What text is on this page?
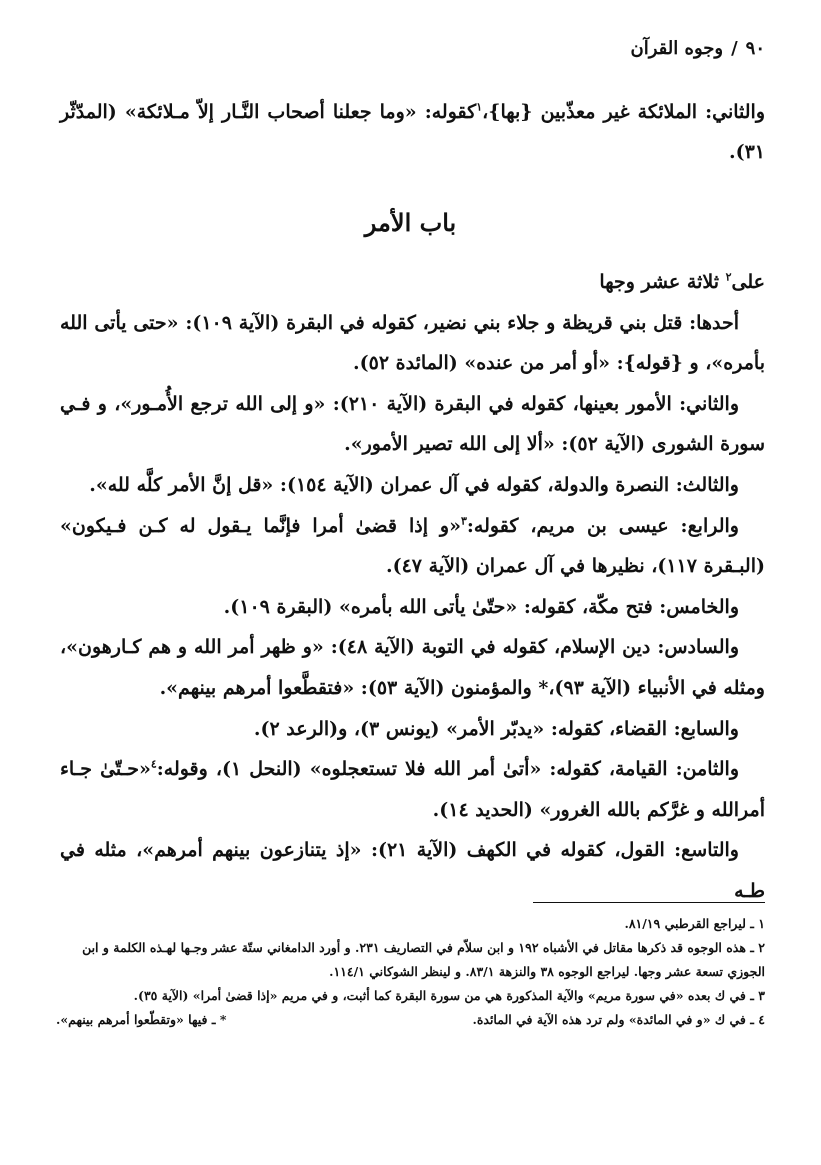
٩٠/وجوه القرآن

والثاني: الملائكة غير معذّبين {بها}،$^١$كقوله: «وما جعلنا أصحاب النَّـار إلاّ مـلائكة» (المدّثّر ٣١).

باب الأمر

على$^٢$ ثلاثة عشر وجها

أحدها: قتل بني قريظة و جلاء بني نضير، كقوله في البقرة (الآية ١٠٩): «حتى يأتى الله بأمره»، و {قوله}: «أو أمر من عنده» (المائدة ٥٢).

والثاني: الأمور بعينها، كقوله في البقرة (الآية ٢١٠): «و إلى الله ترجع الأُمـور»، و فـي سورة الشورى (الآية ٥٢): «ألا إلى الله تصير الأمور».

والثالث: النصرة والدولة، كقوله في آل عمران (الآية ١٥٤): «قل إنَّ الأمر كلَّه لله».

والرابع: عيسى بن مريم، كقوله:$^٣$«و إذا قضىٰ أمرا فإنَّما يـقول له كـن فـيكون» (البـقرة ١١٧)، نظيرها في آل عمران (الآية ٤٧).

والخامس: فتح مكّة، كقوله: «حتّىٰ يأتى الله بأمره» (البقرة ١٠٩).

والسادس: دين الإسلام، كقوله في التوبة (الآية ٤٨): «و ظهر أمر الله و هم كـارهون»، ومثله في الأنبياء (الآية ٩٣)،* والمؤمنون (الآية ٥٣): «فتقطَّعوا أمرهم بينهم».

والسابع: القضاء، كقوله: «يدبّر الأمر» (يونس ٣)، و(الرعد ٢).

والثامن: القيامة، كقوله: «أتىٰ أمر الله فلا تستعجلوه» (النحل ١)، وقوله:$^٤$«حـتّىٰ جـاء أمرالله و غرَّكم بالله الغرور» (الحديد ١٤).

والتاسع: القول، كقوله في الكهف (الآية ٢١): «إذ يتنازعون بينهم أمرهم»، مثله في طـه

١ ـ ليراجع القرطبي ٨١/١٩.

٢ ـ هذه الوجوه قد ذكرها مقاتل في الأشباه ١٩٢ و ابن سلاّم في التصاريف ٢٣١. و أورد الدامغاني ستّة عشر وجـها لهـذه الكلمة و ابن الجوزي تسعة عشر وجها. ليراجع الوجوه ٣٨ والنزهة ٨٣/١. و لينظر الشوكاني ١١٤/١.

٣ ـ في ك بعده «في سورة مريم» والآية المذكورة هي من سورة البقرة كما أثبت، و في مريم «إذا قضىٰ أمرا» (الآية ٣٥).

٤ ـ في ك «و في المائدة» ولم ترد هذه الآية في المائدة.
* ـ فيها «وتقطّعوا أمرهم بينهم».
